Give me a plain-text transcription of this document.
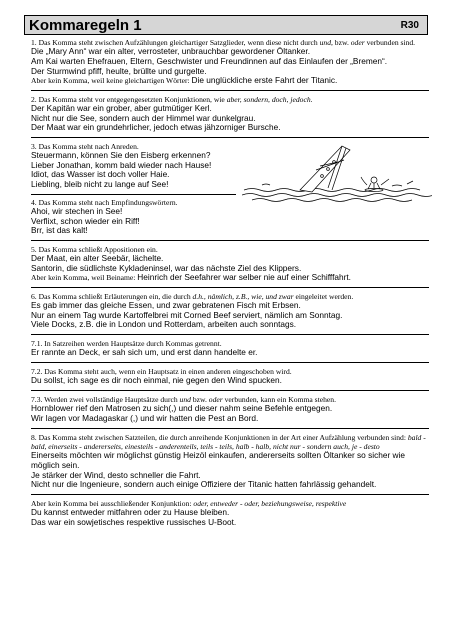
Kommaregeln 1	R30
1. Das Komma steht zwischen Aufzählungen gleichartiger Satzglieder, wenn diese nicht durch und, bzw. oder verbunden sind.
Die „Mary Ann“ war ein alter, verrosteter, unbrauchbar gewordener Öltanker.
Am Kai warten Ehefrauen, Eltern, Geschwister und Freundinnen auf das Einlaufen der „Bremen“.
Der Sturmwind pfiff, heulte, brüllte und gurgelte.
Aber kein Komma, weil keine gleichartigen Wörter: Die unglückliche erste Fahrt der Titanic.
2. Das Komma steht vor entgegengesetzten Konjunktionen, wie aber, sondern, doch, jedoch.
Der Kapitän war ein grober, aber gutmütiger Kerl.
Nicht nur die See, sondern auch der Himmel war dunkelgrau.
Der Maat war ein grundehrlicher, jedoch etwas jähzorniger Bursche.
3. Das Komma steht nach Anreden.
Steuermann, können Sie den Eisberg erkennen?
Lieber Jonathan, komm bald wieder nach Hause!
Idiot, das Wasser ist doch voller Haie.
Liebling, bleib nicht zu lange auf See!
4. Das Komma steht nach Empfindungswörtern.
Ahoi, wir stechen in See!
Verflixt, schon wieder ein Riff!
Brr, ist das kalt!
5. Das Komma schließt Appositionen ein.
Der Maat, ein alter Seebär, lächelte.
Santorin, die südlichste Kykladeninsel, war das nächste Ziel des Klippers.
Aber kein Komma, weil Beiname: Heinrich der Seefahrer war selber nie auf einer Schifffahrt.
6. Das Komma schließt Erläuterungen ein, die durch d.h., nämlich, z.B., wie, und zwar eingeleitet werden.
Es gab immer das gleiche Essen, und zwar gebratenen Fisch mit Erbsen.
Nur an einem Tag wurde Kartoffelbrei mit Corned Beef serviert, nämlich am Sonntag.
Viele Docks, z.B. die in London und Rotterdam, arbeiten auch sonntags.
7.1. In Satzreihen werden Hauptsätze durch Kommas getrennt.
Er rannte an Deck, er sah sich um, und erst dann handelte er.
7.2. Das Komma steht auch, wenn ein Hauptsatz in einen anderen eingeschoben wird.
Du sollst, ich sage es dir noch einmal, nie gegen den Wind spucken.
7.3. Werden zwei vollständige Hauptsätze durch und bzw. oder verbunden, kann ein Komma stehen.
Hornblower rief den Matrosen zu sich(,) und dieser nahm seine Befehle entgegen.
Wir lagen vor Madagaskar (,) und wir hatten die Pest an Bord.
8. Das Komma steht zwischen Satzteilen, die durch anreihende Konjunktionen in der Art einer Aufzählung verbunden sind: bald - bald, einerseits - andererseits, einesteils - anderenteils, teils - teils, halb - halb, nicht nur - sondern auch, je - desto
Einerseits möchten wir möglichst günstig Heizöl einkaufen, andererseits sollten Öltanker so sicher wie möglich sein.
Je stärker der Wind, desto schneller die Fahrt.
Nicht nur die Ingenieure, sondern auch einige Offiziere der Titanic hatten fahrlässig gehandelt.
Aber kein Komma bei ausschließender Konjunktion: oder, entweder - oder, beziehungsweise, respektive
Du kannst entweder mitfahren oder zu Hause bleiben.
Das war ein sowjetisches respektive russisches U-Boot.
